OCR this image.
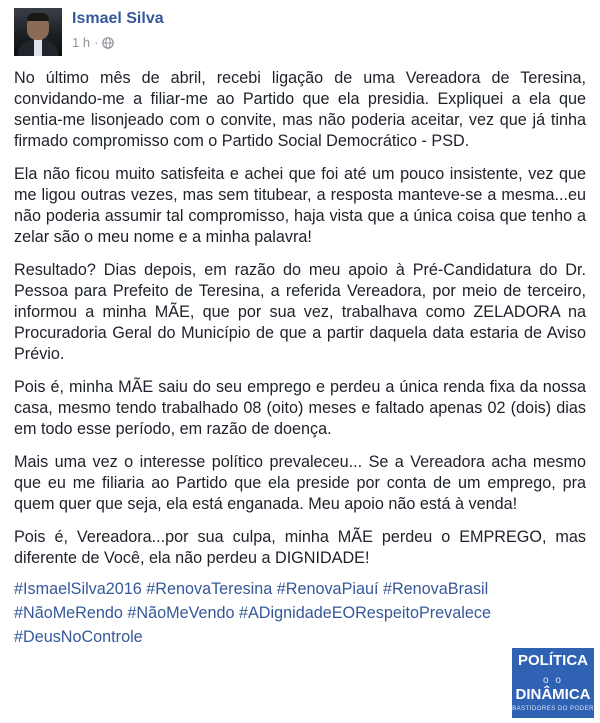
Ismael Silva
1 h ·

No último mês de abril, recebi ligação de uma Vereadora de Teresina, convidando-me a filiar-me ao Partido que ela presidia. Expliquei a ela que sentia-me lisonjeado com o convite, mas não poderia aceitar, vez que já tinha firmado compromisso com o Partido Social Democrático - PSD.

Ela não ficou muito satisfeita e achei que foi até um pouco insistente, vez que me ligou outras vezes, mas sem titubear, a resposta manteve-se a mesma...eu não poderia assumir tal compromisso, haja vista que a única coisa que tenho a zelar são o meu nome e a minha palavra!

Resultado? Dias depois, em razão do meu apoio à Pré-Candidatura do Dr. Pessoa para Prefeito de Teresina, a referida Vereadora, por meio de terceiro, informou a minha MÃE, que por sua vez, trabalhava como ZELADORA na Procuradoria Geral do Município de que a partir daquela data estaria de Aviso Prévio.

Pois é, minha MÃE saiu do seu emprego e perdeu a única renda fixa da nossa casa, mesmo tendo trabalhado 08 (oito) meses e faltado apenas 02 (dois) dias em todo esse período, em razão de doença.

Mais uma vez o interesse político prevaleceu... Se a Vereadora acha mesmo que eu me filiaria ao Partido que ela preside por conta de um emprego, pra quem quer que seja, ela está enganada. Meu apoio não está à venda!

Pois é, Vereadora...por sua culpa, minha MÃE perdeu o EMPREGO, mas diferente de Você, ela não perdeu a DIGNIDADE!

#IsmaelSilva2016 #RenovaTeresina #RenovaPiauí #RenovaBrasil
#NãoMeRendo #NãoMeVendo #ADignidadeEORespeitoPrevalece
#DeusNoControle
POLÍTICA
o o
DINÂMICA
BASTIDORES DO PODER
